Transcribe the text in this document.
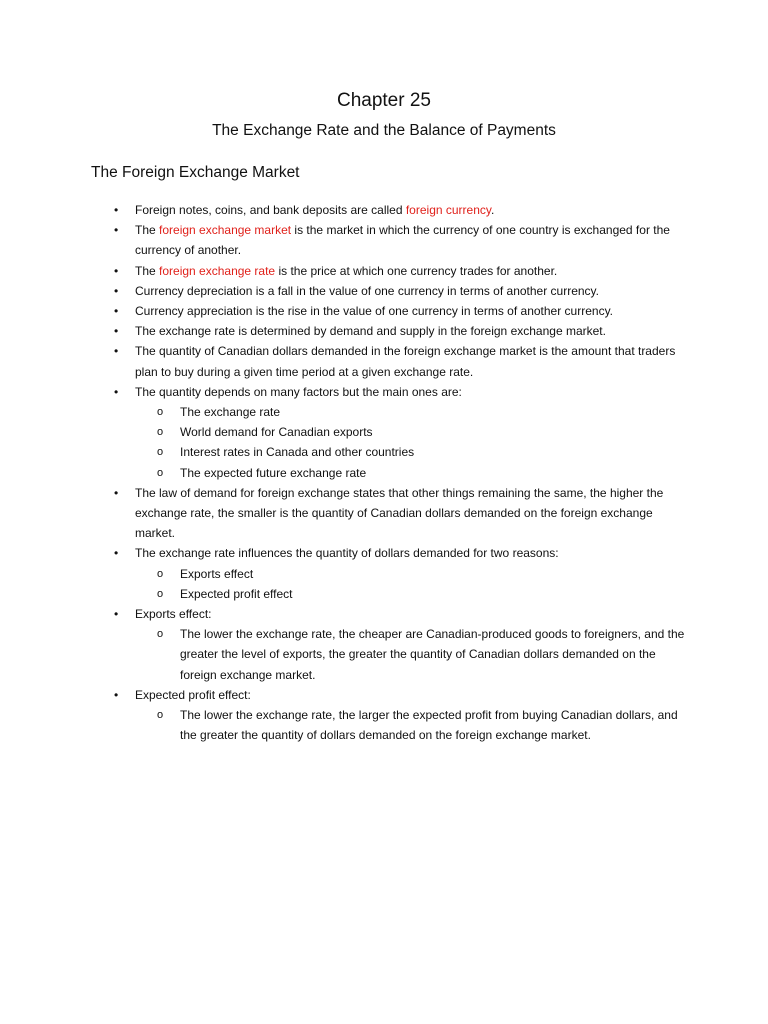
Chapter 25
The Exchange Rate and the Balance of Payments
The Foreign Exchange Market
• Foreign notes, coins, and bank deposits are called foreign currency.
• The foreign exchange market is the market in which the currency of one country is exchanged for the currency of another.
• The foreign exchange rate is the price at which one currency trades for another.
• Currency depreciation is a fall in the value of one currency in terms of another currency.
• Currency appreciation is the rise in the value of one currency in terms of another currency.
• The exchange rate is determined by demand and supply in the foreign exchange market.
• The quantity of Canadian dollars demanded in the foreign exchange market is the amount that traders plan to buy during a given time period at a given exchange rate.
• The quantity depends on many factors but the main ones are:
o The exchange rate
o World demand for Canadian exports
o Interest rates in Canada and other countries
o The expected future exchange rate
• The law of demand for foreign exchange states that other things remaining the same, the higher the exchange rate, the smaller is the quantity of Canadian dollars demanded on the foreign exchange market.
• The exchange rate influences the quantity of dollars demanded for two reasons:
o Exports effect
o Expected profit effect
• Exports effect:
o The lower the exchange rate, the cheaper are Canadian-produced goods to foreigners, and the greater the level of exports, the greater the quantity of Canadian dollars demanded on the foreign exchange market.
• Expected profit effect:
o The lower the exchange rate, the larger the expected profit from buying Canadian dollars, and the greater the quantity of dollars demanded on the foreign exchange market.
